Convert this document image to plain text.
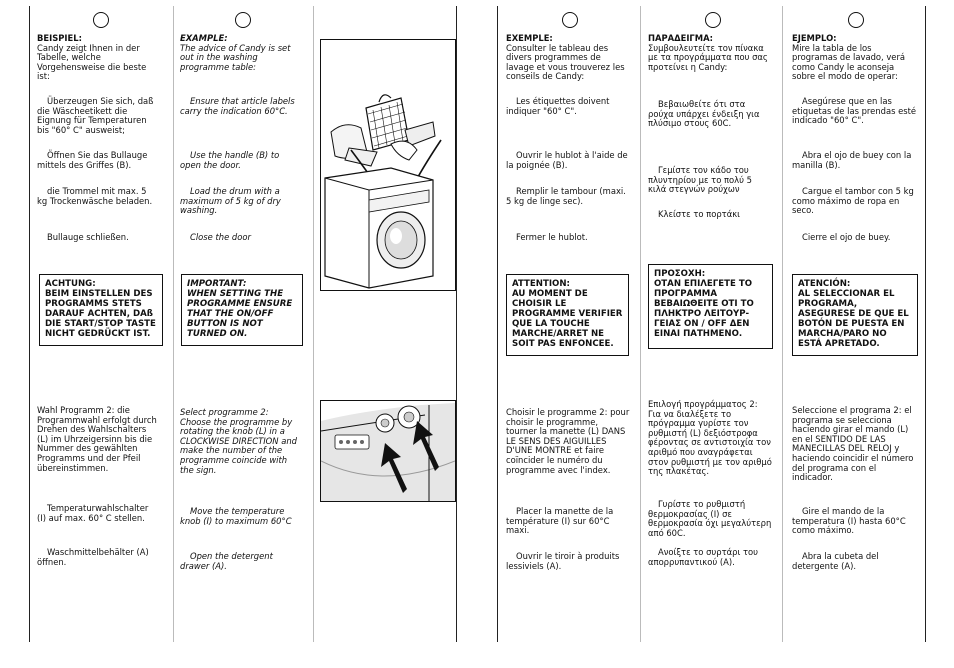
BEISPIEL:

Candy zeigt Ihnen in der Tabelle, welche Vorgehensweise die beste ist:

Überzeugen Sie sich, daß die Wäscheetikett die Eignung für Temperaturen bis "60° C" ausweist;

Öffnen Sie das Bullauge mittels des Griffes (B).

die Trommel mit max. 5 kg Trockenwäsche beladen.

Bullauge schließen.

ACHTUNG:
BEIM EINSTELLEN DES PROGRAMMS STETS DARAUF ACHTEN, DAß DIE START/STOP TASTE NICHT GEDRÜCKT IST.

Wahl Programm 2: die Programmwahl erfolgt durch Drehen des Wahlschalters (L) im Uhrzeigersinn bis die Nummer des gewählten Programms und der Pfeil übereinstimmen.

Temperaturwahlschalter (I) auf max. 60° C stellen.

Waschmittelbehälter (A) öffnen.

EXAMPLE:

The advice of Candy is set out in the washing programme table:

Ensure that article labels carry the indication 60°C.

Use the handle (B) to open the door.

Load the drum with a maximum of 5 kg of dry washing.

Close the door

IMPORTANT:
WHEN SETTING THE PROGRAMME ENSURE THAT THE ON/OFF BUTTON IS NOT TURNED ON.

Select programme 2: Choose the programme by rotating the knob (L) in a CLOCKWISE DIRECTION and make the number of the programme coincide with the sign.

Move the temperature knob (I) to maximum 60°C

Open the detergent drawer (A).

EXEMPLE:

Consulter le tableau des divers programmes de lavage et vous trouverez les conseils de Candy:

Les étiquettes doivent indiquer "60° C".

Ouvrir le hublot à l'aide de la poignée (B).

Remplir le tambour (maxi. 5 kg de linge sec).

Fermer le hublot.

ATTENTION:
AU MOMENT DE CHOISIR LE PROGRAMME VERIFIER QUE LA TOUCHE MARCHE/ARRET NE SOIT PAS ENFONCEE.

Choisir le programme 2: pour choisir le programme, tourner la manette (L) DANS LE SENS DES AIGUILLES D'UNE MONTRE et faire coïncider le numéro du programme avec l'index.

Placer la manette de la température (I) sur 60°C maxi.

Ouvrir le tiroir à produits lessiviels (A).

ΠΑΡΑΔΕΙΓΜΑ:

Συμβουλευτείτε τον πίνακα με τα προγράμματα που σας προτείνει η Candy:

Βεβαιωθείτε ότι στα ρούχα υπάρχει ένδειξη για πλύσιμο στους 60C.

Γεμίστε τον κάδο του πλυντηρίου με το πολύ 5 κιλά στεγνών ρούχων

Κλείστε το πορτάκι

ΠΡΟΣΟΧΗ:
ΟΤΑΝ ΕΠΙΛΕΓΕΤΕ ΤΟ ΠΡΟΓΡΑΜΜΑ ΒΕΒΑΙΩΘΕΙΤΕ ΟΤΙ ΤΟ ΠΛΗΚΤΡΟ ΛΕΙΤΟΥΡ-ΓΕΙΑΣ ON / OFF ΔΕΝ ΕΙΝΑΙ ΠΑΤΗΜΕΝΟ.

Επιλογή προγράμματος 2: Για να διαλέξετε το πρόγραμμα γυρίστε τον ρυθμιστή (L) δεξιόστροφα φέροντας σε αντιστοιχία τον αριθμό που αναγράφεται στον ρυθμιστή με τον αριθμό της πλακέτας.

Γυρίστε το ρυθμιστή θερμοκρασίας (I) σε θερμοκρασία όχι μεγαλύτερη από 60C.

Ανοίξτε το συρτάρι του απορρυπαντικού (A).

EJEMPLO:

Mire la tabla de los programas de lavado, verá como Candy le aconseja sobre el modo de operar:

Asegúrese que en las etiquetas de las prendas esté indicado "60° C".

Abra el ojo de buey con la manilla (B).

Cargue el tambor con 5 kg como máximo de ropa en seco.

Cierre el ojo de buey.

ATENCIÓN:
AL SELECCIONAR EL PROGRAMA, ASEGURESE DE QUE EL BOTÓN DE PUESTA EN MARCHA/PARO NO ESTÁ APRETADO.

Seleccione el programa 2: el programa se selecciona haciendo girar el mando (L) en el SENTIDO DE LAS MANECILLAS DEL RELOJ y haciendo coincidir el número del programa con el indicador.

Gire el mando de la temperatura (I) hasta 60°C como máximo.

Abra la cubeta del detergente (A).
